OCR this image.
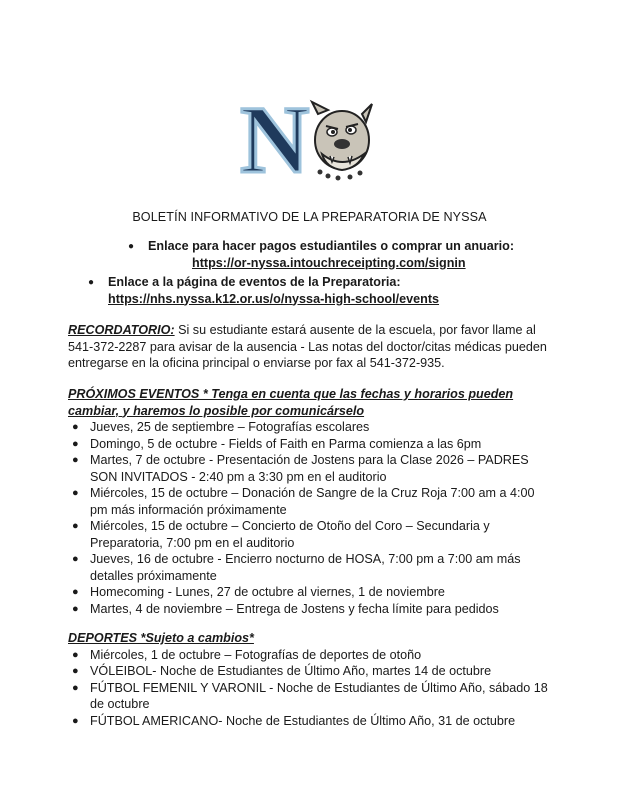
N
BOLETÍN INFORMATIVO DE LA PREPARATORIA DE NYSSA
● Enlace para hacer pagos estudiantiles o comprar un anuario:
https://or-nyssa.intouchreceipting.com/signin
● Enlace a la página de eventos de la Preparatoria:
https://nhs.nyssa.k12.or.us/o/nyssa-high-school/events
RECORDATORIO: Si su estudiante estará ausente de la escuela, por favor llame al 541-372-2287 para avisar de la ausencia - Las notas del doctor/citas médicas pueden entregarse en la oficina principal o enviarse por fax al 541-372-935.
PRÓXIMOS EVENTOS * Tenga en cuenta que las fechas y horarios pueden cambiar, y haremos lo posible por comunicárselo
● Jueves, 25 de septiembre – Fotografías escolares
● Domingo, 5 de octubre - Fields of Faith en Parma comienza a las 6pm
● Martes, 7 de octubre - Presentación de Jostens para la Clase 2026 – PADRES SON INVITADOS - 2:40 pm a 3:30 pm en el auditorio
● Miércoles, 15 de octubre – Donación de Sangre de la Cruz Roja 7:00 am a 4:00 pm más información próximamente
● Miércoles, 15 de octubre – Concierto de Otoño del Coro – Secundaria y Preparatoria, 7:00 pm en el auditorio
● Jueves, 16 de octubre - Encierro nocturno de HOSA, 7:00 pm a 7:00 am más detalles próximamente
● Homecoming - Lunes, 27 de octubre al viernes, 1 de noviembre
● Martes, 4 de noviembre – Entrega de Jostens y fecha límite para pedidos
DEPORTES *Sujeto a cambios*
● Miércoles, 1 de octubre – Fotografías de deportes de otoño
● VÓLEIBOL- Noche de Estudiantes de Último Año, martes 14 de octubre
● FÚTBOL FEMENIL Y VARONIL - Noche de Estudiantes de Último Año, sábado 18 de octubre
● FÚTBOL AMERICANO- Noche de Estudiantes de Último Año, 31 de octubre
